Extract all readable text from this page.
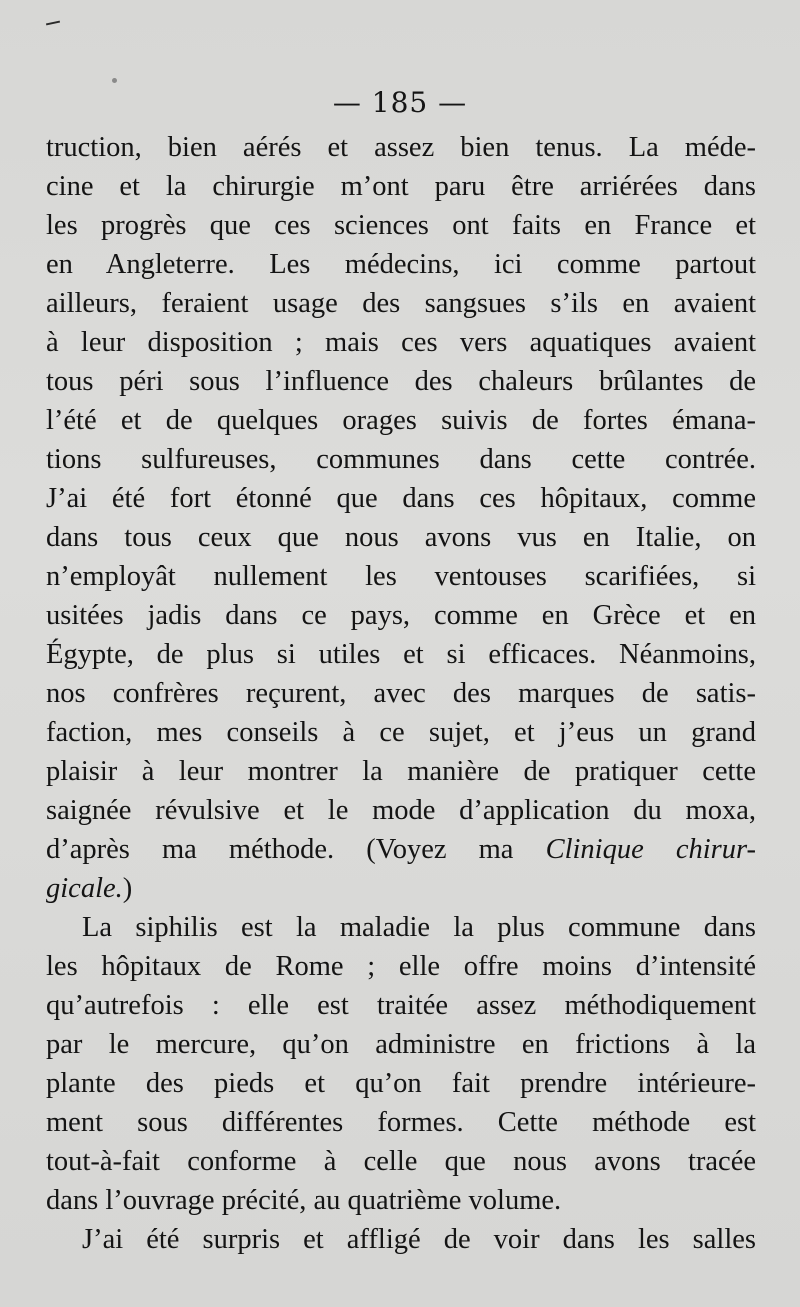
— 185 —
truction, bien aérés et assez bien tenus. La méde-
cine et la chirurgie m’ont paru être arriérées dans
les progrès que ces sciences ont faits en France et
en Angleterre. Les médecins, ici comme partout
ailleurs, feraient usage des sangsues s’ils en avaient
à leur disposition ; mais ces vers aquatiques avaient
tous péri sous l’influence des chaleurs brûlantes de
l’été et de quelques orages suivis de fortes émana-
tions sulfureuses, communes dans cette contrée.
J’ai été fort étonné que dans ces hôpitaux, comme
dans tous ceux que nous avons vus en Italie, on
n’employât nullement les ventouses scarifiées, si
usitées jadis dans ce pays, comme en Grèce et en
Égypte, de plus si utiles et si efficaces. Néanmoins,
nos confrères reçurent, avec des marques de satis-
faction, mes conseils à ce sujet, et j’eus un grand
plaisir à leur montrer la manière de pratiquer cette
saignée révulsive et le mode d’application du moxa,
d’après ma méthode. (Voyez ma Clinique chirur-
gicale.)
La siphilis est la maladie la plus commune dans
les hôpitaux de Rome ; elle offre moins d’intensité
qu’autrefois : elle est traitée assez méthodiquement
par le mercure, qu’on administre en frictions à la
plante des pieds et qu’on fait prendre intérieure-
ment sous différentes formes. Cette méthode est
tout-à-fait conforme à celle que nous avons tracée
dans l’ouvrage précité, au quatrième volume.
J’ai été surpris et affligé de voir dans les salles
